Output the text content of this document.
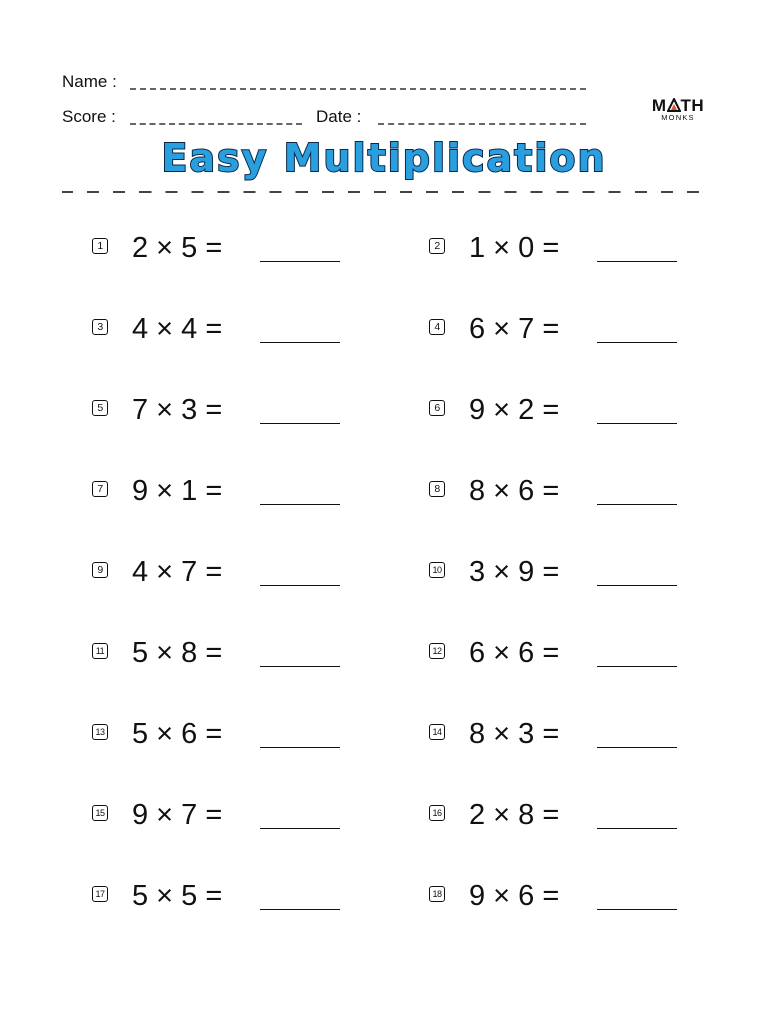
Name :
Score :	Date :
M TH
MONKS
Easy Multiplication
1 2 × 5 =	2 1 × 0 =
3 4 × 4 =	4 6 × 7 =
5 7 × 3 =	6 9 × 2 =
7 9 × 1 =	8 8 × 6 =
9 4 × 7 =	10 3 × 9 =
11 5 × 8 =	12 6 × 6 =
13 5 × 6 =	14 8 × 3 =
15 9 × 7 =	16 2 × 8 =
17 5 × 5 =	18 9 × 6 =
